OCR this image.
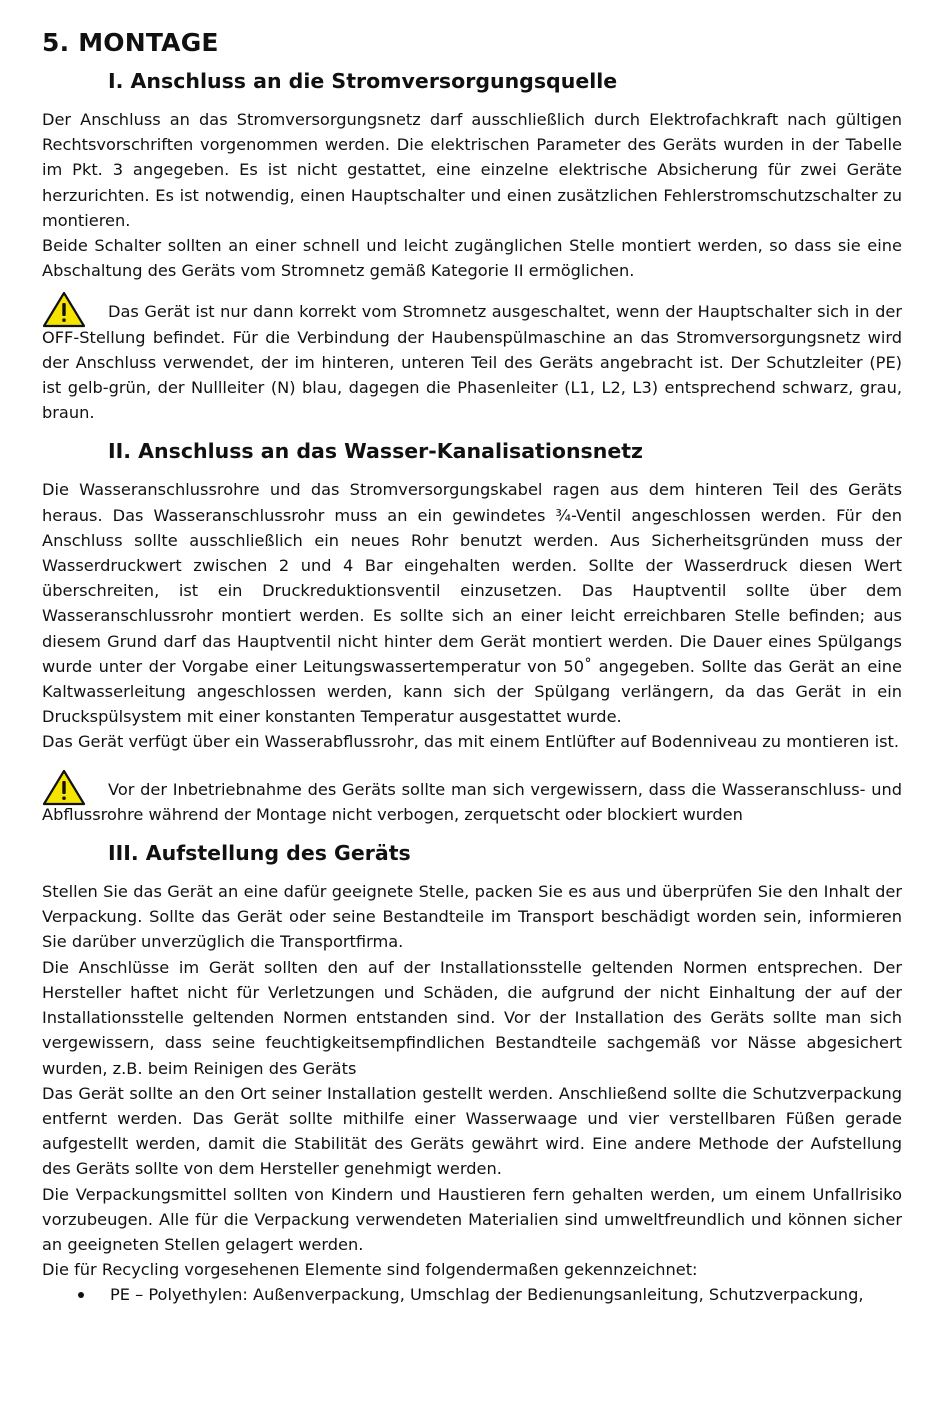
5. MONTAGE
I. Anschluss an die Stromversorgungsquelle

Der Anschluss an das Stromversorgungsnetz darf ausschließlich durch Elektrofachkraft nach gültigen Rechtsvorschriften vorgenommen werden. Die elektrischen Parameter des Geräts wurden in der Tabelle im Pkt. 3 angegeben. Es ist nicht gestattet, eine einzelne elektrische Absicherung für zwei Geräte herzurichten. Es ist notwendig, einen Hauptschalter und einen zusätzlichen Fehlerstromschutzschalter zu montieren.

Beide Schalter sollten an einer schnell und leicht zugänglichen Stelle montiert werden, so dass sie eine Abschaltung des Geräts vom Stromnetz gemäß Kategorie II ermöglichen.

Das Gerät ist nur dann korrekt vom Stromnetz ausgeschaltet, wenn der Hauptschalter sich in der OFF-Stellung befindet. Für die Verbindung der Haubenspülmaschine an das Stromversorgungsnetz wird der Anschluss verwendet, der im hinteren, unteren Teil des Geräts angebracht ist. Der Schutzleiter (PE) ist gelb-grün, der Nullleiter (N) blau, dagegen die Phasenleiter (L1, L2, L3) entsprechend schwarz, grau, braun.

II. Anschluss an das Wasser-Kanalisationsnetz

Die Wasseranschlussrohre und das Stromversorgungskabel ragen aus dem hinteren Teil des Geräts heraus. Das Wasseranschlussrohr muss an ein gewindetes ¾-Ventil angeschlossen werden. Für den Anschluss sollte ausschließlich ein neues Rohr benutzt werden. Aus Sicherheitsgründen muss der Wasserdruckwert zwischen 2 und 4 Bar eingehalten werden. Sollte der Wasserdruck diesen Wert überschreiten, ist ein Druckreduktionsventil einzusetzen. Das Hauptventil sollte über dem Wasseranschlussrohr montiert werden. Es sollte sich an einer leicht erreichbaren Stelle befinden; aus diesem Grund darf das Hauptventil nicht hinter dem Gerät montiert werden. Die Dauer eines Spülgangs wurde unter der Vorgabe einer Leitungswassertemperatur von 50˚ angegeben. Sollte das Gerät an eine Kaltwasserleitung angeschlossen werden, kann sich der Spülgang verlängern, da das Gerät in ein Druckspülsystem mit einer konstanten Temperatur ausgestattet wurde.

Das Gerät verfügt über ein Wasserabflussrohr, das mit einem Entlüfter auf Bodenniveau zu montieren ist.

Vor der Inbetriebnahme des Geräts sollte man sich vergewissern, dass die Wasseranschluss- und Abflussrohre während der Montage nicht verbogen, zerquetscht oder blockiert wurden

III. Aufstellung des Geräts

Stellen Sie das Gerät an eine dafür geeignete Stelle, packen Sie es aus und überprüfen Sie den Inhalt der Verpackung. Sollte das Gerät oder seine Bestandteile im Transport beschädigt worden sein, informieren Sie darüber unverzüglich die Transportfirma.

Die Anschlüsse im Gerät sollten den auf der Installationsstelle geltenden Normen entsprechen. Der Hersteller haftet nicht für Verletzungen und Schäden, die aufgrund der nicht Einhaltung der auf der Installationsstelle geltenden Normen entstanden sind. Vor der Installation des Geräts sollte man sich vergewissern, dass seine feuchtigkeitsempfindlichen Bestandteile sachgemäß vor Nässe abgesichert wurden, z.B. beim Reinigen des Geräts

Das Gerät sollte an den Ort seiner Installation gestellt werden. Anschließend sollte die Schutzverpackung entfernt werden. Das Gerät sollte mithilfe einer Wasserwaage und vier verstellbaren Füßen gerade aufgestellt werden, damit die Stabilität des Geräts gewährt wird. Eine andere Methode der Aufstellung des Geräts sollte von dem Hersteller genehmigt werden.

Die Verpackungsmittel sollten von Kindern und Haustieren fern gehalten werden, um einem Unfallrisiko vorzubeugen. Alle für die Verpackung verwendeten Materialien sind umweltfreundlich und können sicher an geeigneten Stellen gelagert werden.

Die für Recycling vorgesehenen Elemente sind folgendermaßen gekennzeichnet:

PE – Polyethylen: Außenverpackung, Umschlag der Bedienungsanleitung, Schutzverpackung,
